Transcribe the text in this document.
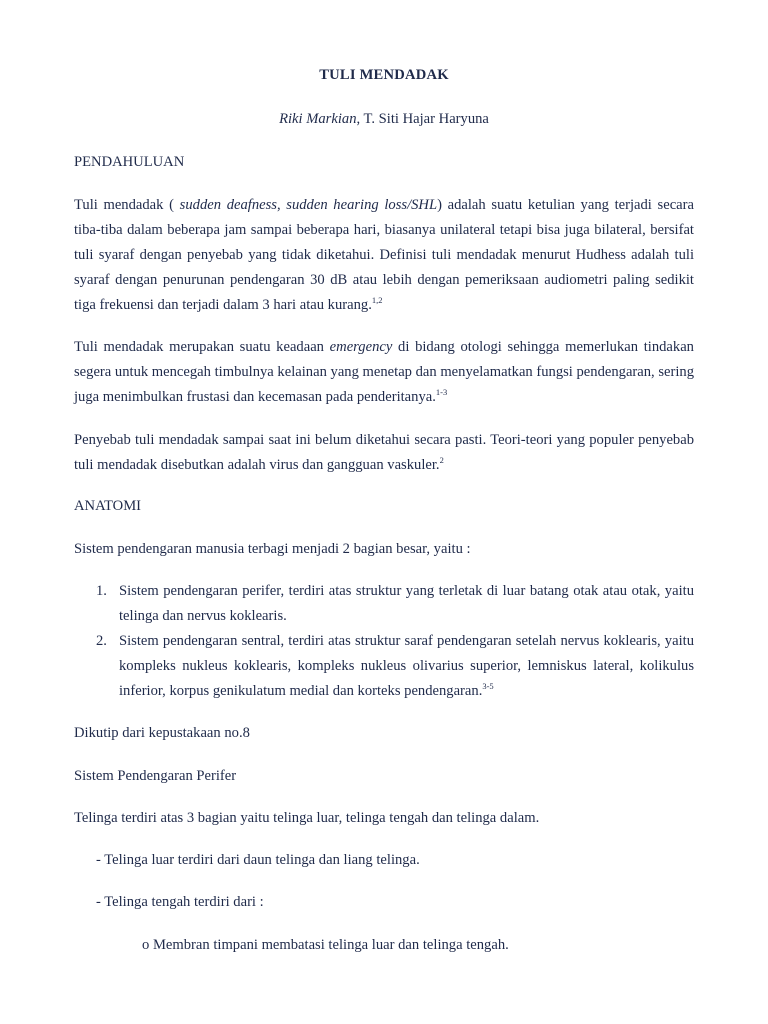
TULI MENDADAK
Riki Markian, T. Siti Hajar Haryuna
PENDAHULUAN
Tuli mendadak ( sudden deafness, sudden hearing loss/SHL) adalah suatu ketulian yang terjadi secara tiba-tiba dalam beberapa jam sampai beberapa hari, biasanya unilateral tetapi bisa juga bilateral, bersifat tuli syaraf dengan penyebab yang tidak diketahui. Definisi tuli mendadak menurut Hudhess adalah tuli syaraf dengan penurunan pendengaran 30 dB atau lebih dengan pemeriksaan audiometri paling sedikit tiga frekuensi dan terjadi dalam 3 hari atau kurang.$^{1,2}$
Tuli mendadak merupakan suatu keadaan emergency di bidang otologi sehingga memerlukan tindakan segera untuk mencegah timbulnya kelainan yang menetap dan menyelamatkan fungsi pendengaran, sering juga menimbulkan frustasi dan kecemasan pada penderitanya.$^{1-3}$
Penyebab tuli mendadak sampai saat ini belum diketahui secara pasti. Teori-teori yang populer penyebab tuli mendadak disebutkan adalah virus dan gangguan vaskuler.$^2$
ANATOMI
Sistem pendengaran manusia terbagi menjadi 2 bagian besar, yaitu :
1. Sistem pendengaran perifer, terdiri atas struktur yang terletak di luar batang otak atau otak, yaitu telinga dan nervus koklearis.
2. Sistem pendengaran sentral, terdiri atas struktur saraf pendengaran setelah nervus koklearis, yaitu kompleks nukleus koklearis, kompleks nukleus olivarius superior, lemniskus lateral, kolikulus inferior, korpus genikulatum medial dan korteks pendengaran.$^{3-5}$
Dikutip dari kepustakaan no.8
Sistem Pendengaran Perifer
Telinga terdiri atas 3 bagian yaitu telinga luar, telinga tengah dan telinga dalam.
- Telinga luar terdiri dari daun telinga dan liang telinga.
- Telinga tengah terdiri dari :
o Membran timpani membatasi telinga luar dan telinga tengah.
